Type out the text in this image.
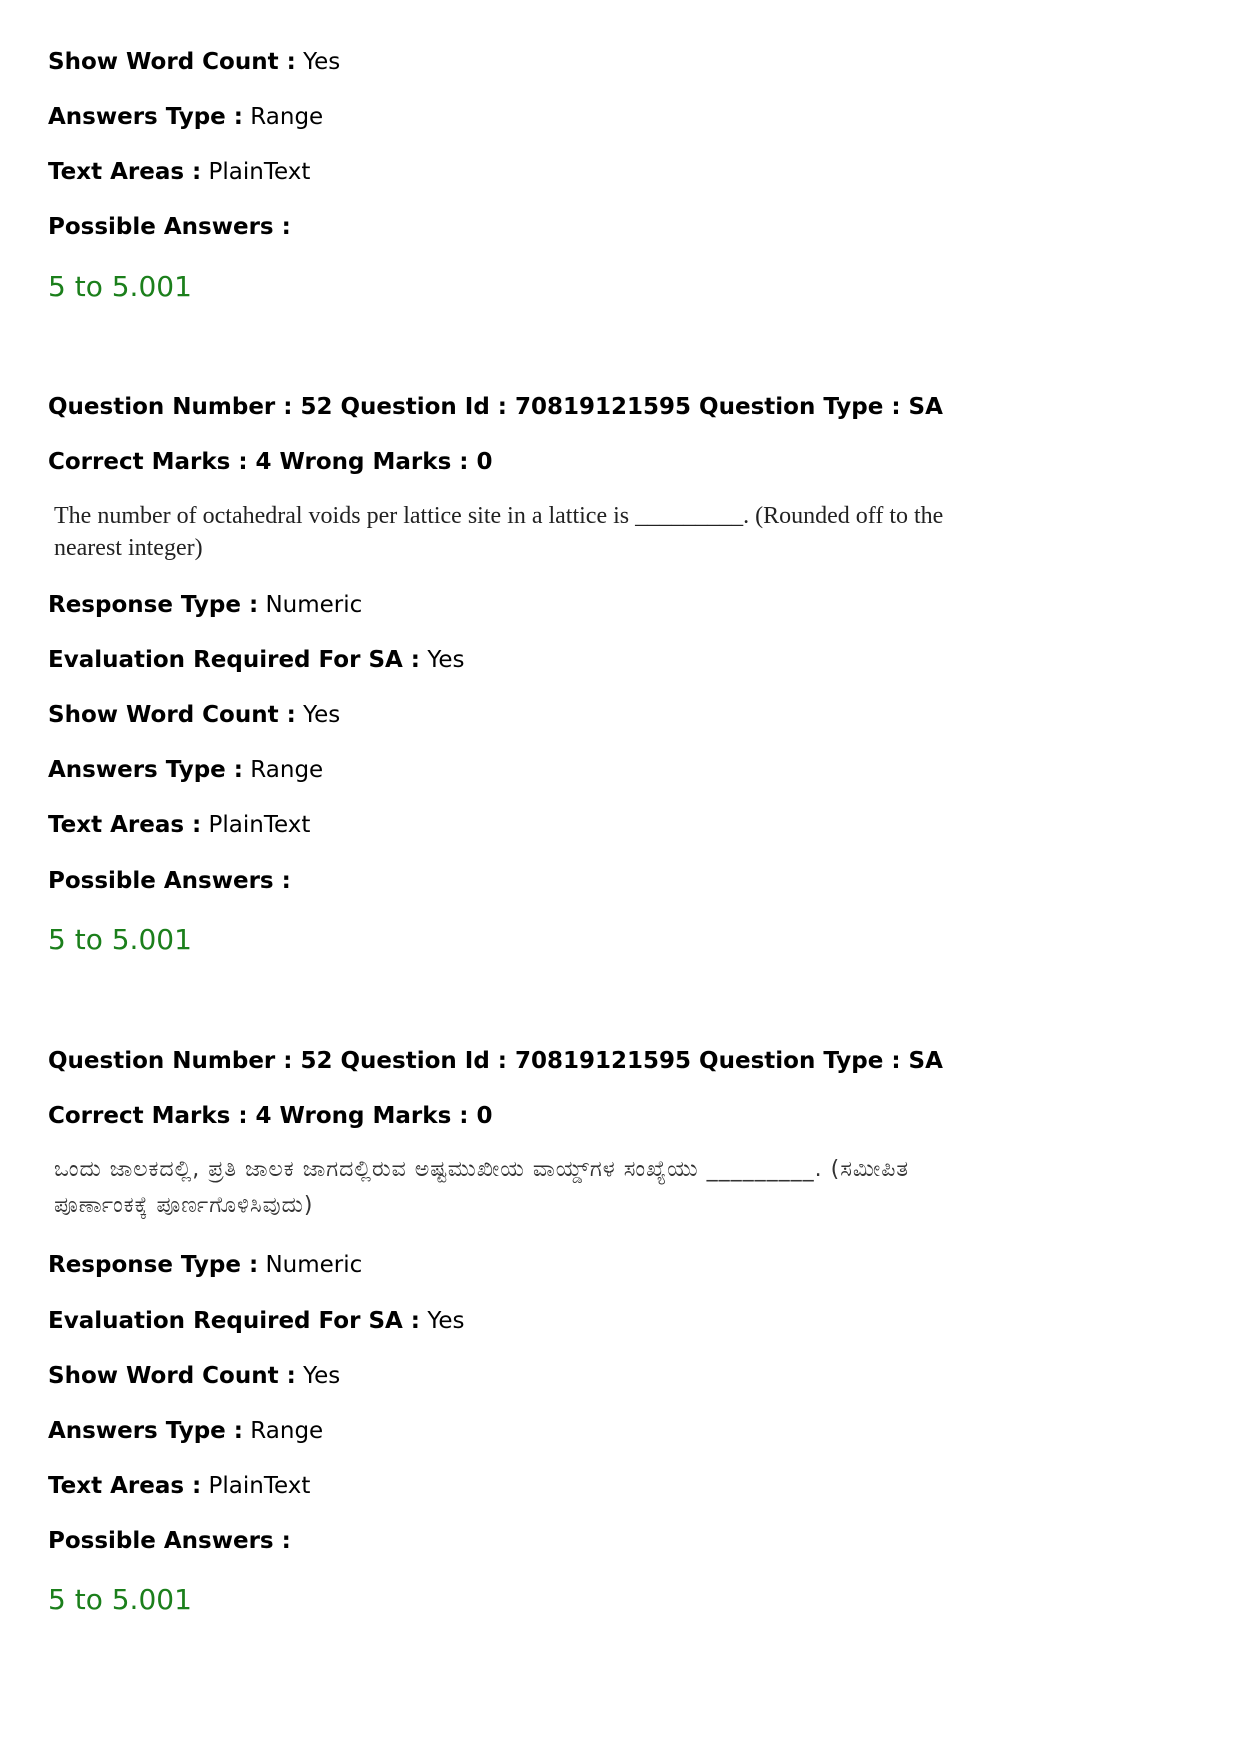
Show Word Count : Yes
Answers Type : Range
Text Areas : PlainText
Possible Answers :
5 to 5.001
Question Number : 52 Question Id : 70819121595 Question Type : SA
Correct Marks : 4 Wrong Marks : 0
The number of octahedral voids per lattice site in a lattice is _________. (Rounded off to the nearest integer)
Response Type : Numeric
Evaluation Required For SA : Yes
Show Word Count : Yes
Answers Type : Range
Text Areas : PlainText
Possible Answers :
5 to 5.001
Question Number : 52 Question Id : 70819121595 Question Type : SA
Correct Marks : 4 Wrong Marks : 0
ಒಂದು ಜಾಲಕದಲ್ಲಿ, ಪ್ರತಿ ಜಾಲಕ ಜಾಗದಲ್ಲಿರುವ ಅಷ್ಟಮುಖೀಯ ವಾಯ್ಡ್‌ಗಳ ಸಂಖ್ಯೆಯು _________. (ಸಮೀಪಿತ ಪೂರ್ಣಾಂಕಕ್ಕೆ ಪೂರ್ಣಗೊಳಿಸಿವುದು)
Response Type : Numeric
Evaluation Required For SA : Yes
Show Word Count : Yes
Answers Type : Range
Text Areas : PlainText
Possible Answers :
5 to 5.001
